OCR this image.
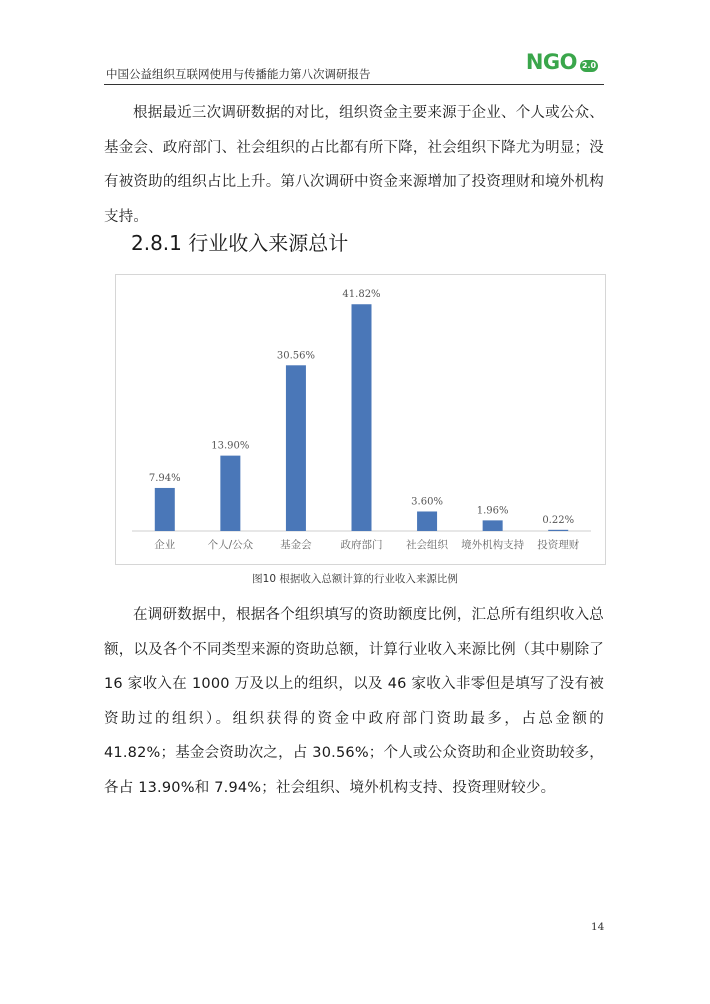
中国公益组织互联网使用与传播能力第八次调研报告	NGO 2.0

根据最近三次调研数据的对比，组织资金主要来源于企业、个人或公众、基金会、政府部门、社会组织的占比都有所下降，社会组织下降尤为明显；没有被资助的组织占比上升。第八次调研中资金来源增加了投资理财和境外机构支持。

2.8.1 行业收入来源总计
7.94%
企业
13.90%
个人/公众
30.56%
基金会
41.82%
政府部门
3.60%
社会组织
1.96%
境外机构支持
0.22%
投资理财
图10 根据收入总额计算的行业收入来源比例

在调研数据中，根据各个组织填写的资助额度比例，汇总所有组织收入总额，以及各个不同类型来源的资助总额，计算行业收入来源比例（其中剔除了 16 家收入在 1000 万及以上的组织，以及 46 家收入非零但是填写了没有被资助过的组织）。组织获得的资金中政府部门资助最多，占总金额的 41.82%；基金会资助次之，占 30.56%；个人或公众资助和企业资助较多，各占 13.90%和 7.94%；社会组织、境外机构支持、投资理财较少。

14
